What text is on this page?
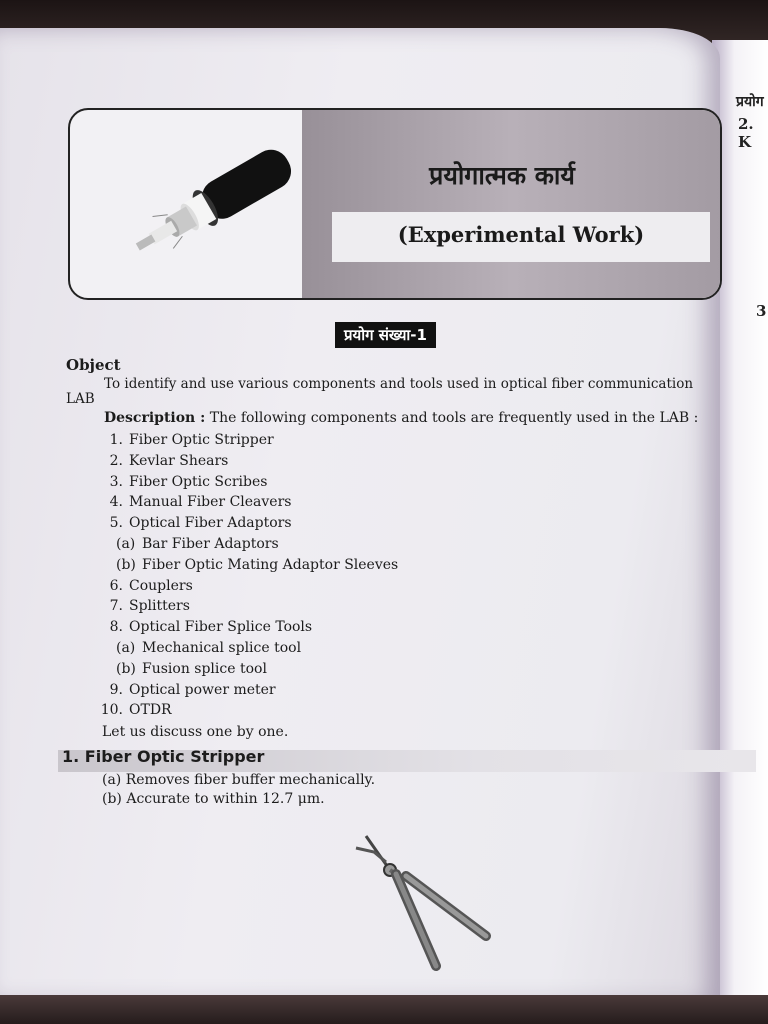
प्रयोग
2. K
3
प्रयोगात्मक कार्य
(Experimental Work)
प्रयोग संख्या-1
Object
To identify and use various components and tools used in optical fiber communication
LAB
Description : The following components and tools are frequently used in the LAB :
1. Fiber Optic Stripper
2. Kevlar Shears
3. Fiber Optic Scribes
4. Manual Fiber Cleavers
5. Optical Fiber Adaptors
(a) Bar Fiber Adaptors
(b) Fiber Optic Mating Adaptor Sleeves
6. Couplers
7. Splitters
8. Optical Fiber Splice Tools
(a) Mechanical splice tool
(b) Fusion splice tool
9. Optical power meter
10. OTDR
Let us discuss one by one.
1. Fiber Optic Stripper
(a) Removes fiber buffer mechanically.
(b) Accurate to within 12.7 μm.
